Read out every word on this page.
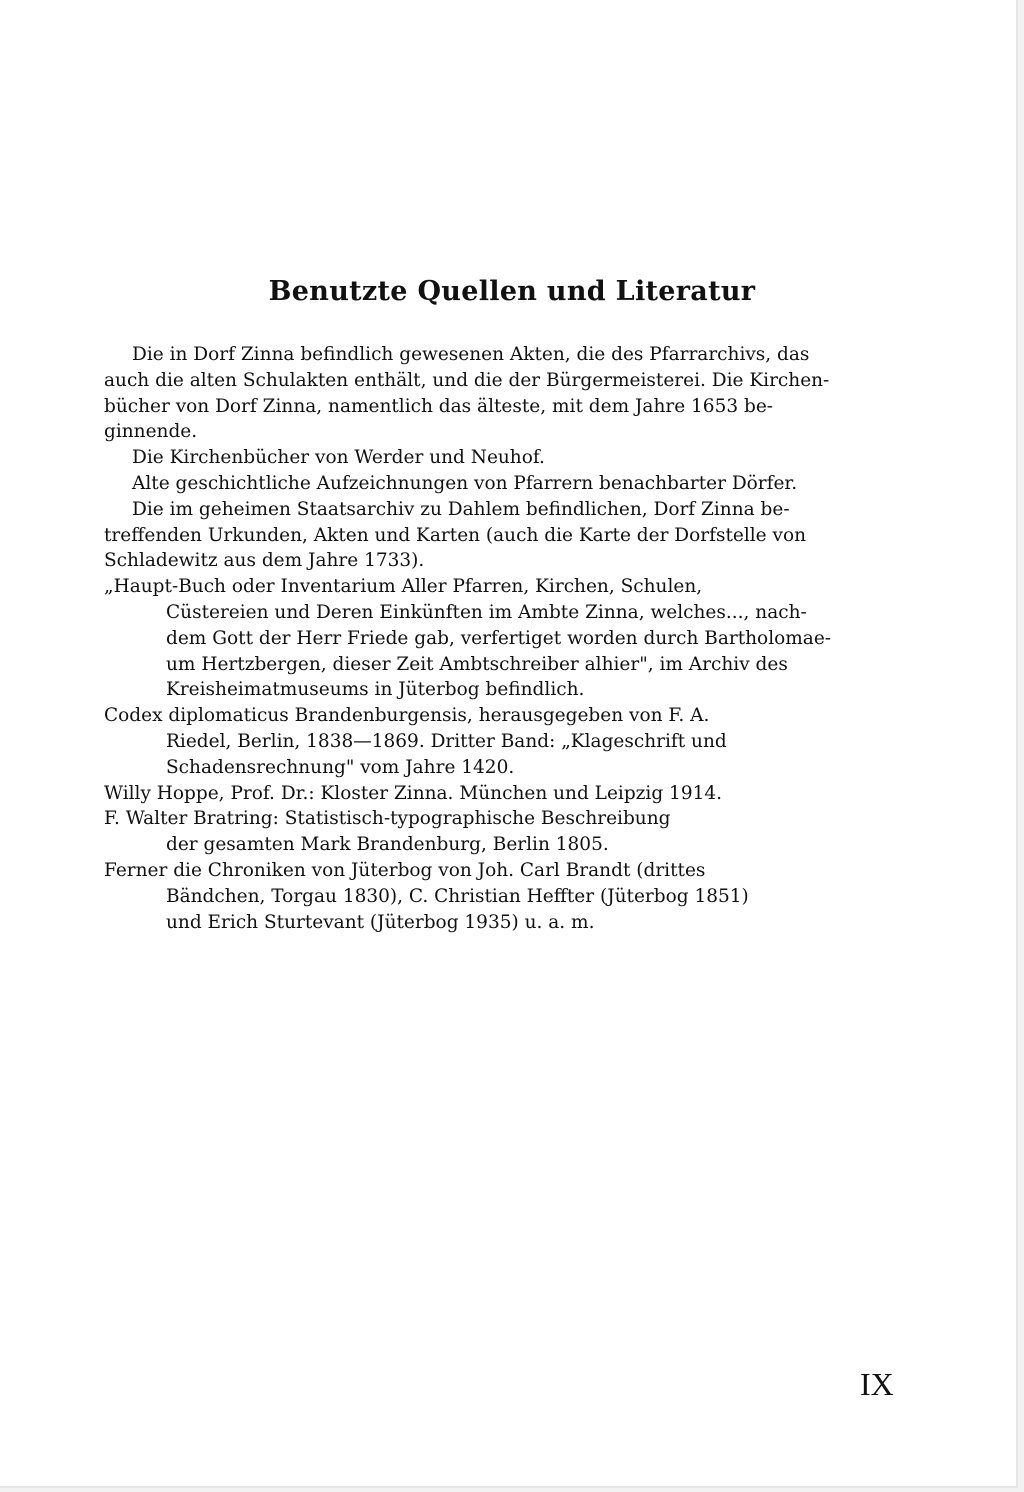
Benutzte Quellen und Literatur
Die in Dorf Zinna befindlich gewesenen Akten, die des Pfarrarchivs, das
auch die alten Schulakten enthält, und die der Bürgermeisterei. Die Kirchen-
bücher von Dorf Zinna, namentlich das älteste, mit dem Jahre 1653 be-
ginnende.
Die Kirchenbücher von Werder und Neuhof.
Alte geschichtliche Aufzeichnungen von Pfarrern benachbarter Dörfer.
Die im geheimen Staatsarchiv zu Dahlem befindlichen, Dorf Zinna be-
treffenden Urkunden, Akten und Karten (auch die Karte der Dorfstelle von
Schladewitz aus dem Jahre 1733).
„Haupt-Buch oder Inventarium Aller Pfarren, Kirchen, Schulen,
Cüstereien und Deren Einkünften im Ambte Zinna, welches..., nach-
dem Gott der Herr Friede gab, verfertiget worden durch Bartholomae-
um Hertzbergen, dieser Zeit Ambtschreiber alhier", im Archiv des
Kreisheimatmuseums in Jüterbog befindlich.
Codex diplomaticus Brandenburgensis, herausgegeben von F. A.
Riedel, Berlin, 1838—1869. Dritter Band: „Klageschrift und
Schadensrechnung" vom Jahre 1420.
Willy Hoppe, Prof. Dr.: Kloster Zinna. München und Leipzig 1914.
F. Walter Bratring: Statistisch-typographische Beschreibung
der gesamten Mark Brandenburg, Berlin 1805.
Ferner die Chroniken von Jüterbog von Joh. Carl Brandt (drittes
Bändchen, Torgau 1830), C. Christian Heffter (Jüterbog 1851)
und Erich Sturtevant (Jüterbog 1935) u. a. m.
IX
